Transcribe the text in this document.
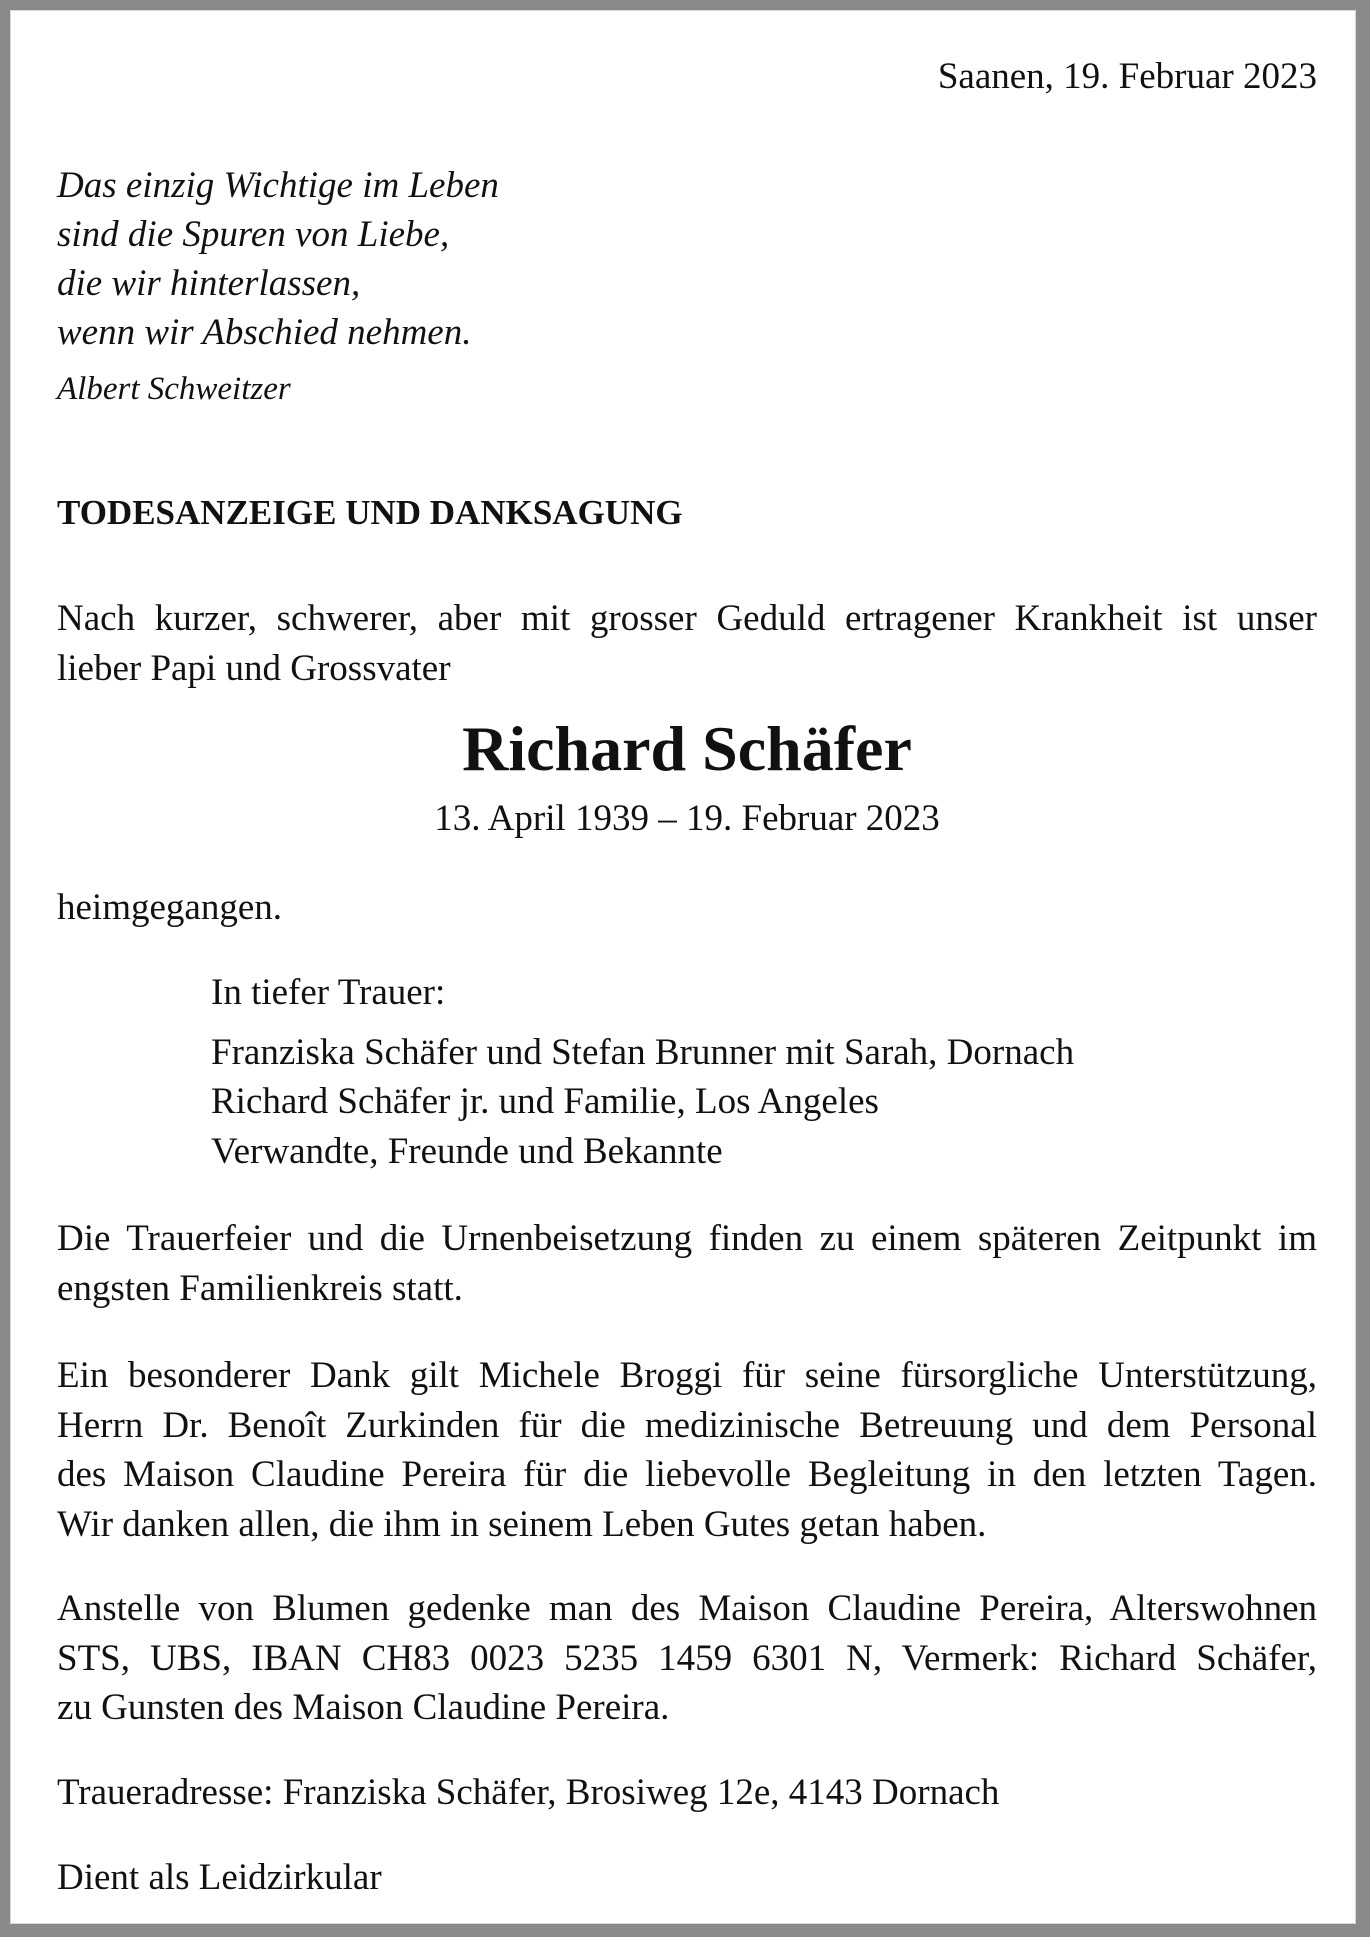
Saanen, 19. Februar 2023
Das einzig Wichtige im Leben
sind die Spuren von Liebe,
die wir hinterlassen,
wenn wir Abschied nehmen.
Albert Schweitzer
TODESANZEIGE UND DANKSAGUNG
Nach kurzer, schwerer, aber mit grosser Geduld ertragener Krankheit ist unser
lieber Papi und Grossvater
Richard Schäfer
13. April 1939 – 19. Februar 2023
heimgegangen.
In tiefer Trauer:
Franziska Schäfer und Stefan Brunner mit Sarah, Dornach
Richard Schäfer jr. und Familie, Los Angeles
Verwandte, Freunde und Bekannte
Die Trauerfeier und die Urnenbeisetzung finden zu einem späteren Zeitpunkt im
engsten Familienkreis statt.
Ein besonderer Dank gilt Michele Broggi für seine fürsorgliche Unterstützung,
Herrn Dr. Benoît Zurkinden für die medizinische Betreuung und dem Personal
des Maison Claudine Pereira für die liebevolle Begleitung in den letzten Tagen.
Wir danken allen, die ihm in seinem Leben Gutes getan haben.
Anstelle von Blumen gedenke man des Maison Claudine Pereira, Alterswohnen
STS, UBS, IBAN CH83 0023 5235 1459 6301 N, Vermerk: Richard Schäfer,
zu Gunsten des Maison Claudine Pereira.
Traueradresse: Franziska Schäfer, Brosiweg 12e, 4143 Dornach
Dient als Leidzirkular
